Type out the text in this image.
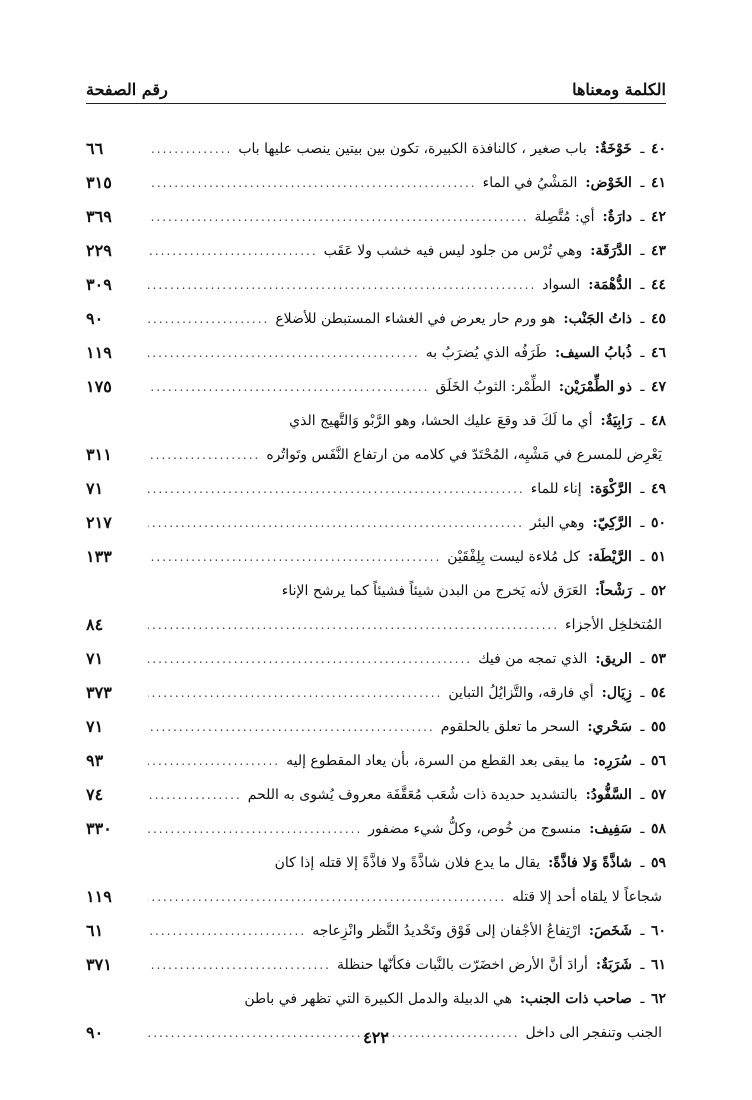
الكلمة ومعناها
رقم الصفحة
٤٠
ـ
خَوْخَةٌ:
باب صغير ، كالنافذة الكبيرة، تكون بين بيتين ينصب عليها باب
.....
٦٦
٤١
ـ
الخَوْض:
المَشْيُ في الماء
.....
٣١٥
٤٢
ـ
دارَةٌ:
أي: مُتَّصِلة
.....
٣٦٩
٤٣
ـ
الدَّرَقَة:
وهي تُرْس من جلود ليس فيه خشب ولا عَقَب
.....
٢٢٩
٤٤
ـ
الدُّهْمَة:
السواد
.....
٣٠٩
٤٥
ـ
ذاتُ الجَنْب:
هو ورم حار يعرض في الغشاء المستبطن للأضلاع
.....
٩٠
٤٦
ـ
ذُبابُ السيف:
طَرَفُه الذي يُضرَبُ به
.....
١١٩
٤٧
ـ
ذو الطِّمْرَيْن:
الطِّمْر: الثوبُ الخَلَق
.....
١٧٥
٤٨
ـ
رَابِيَةٌ:
أي ما لَكَ قد وقعَ عليك الحشا، وهو الرَّبْو وَالتَّهيج الذي
يَعْرِض للمسرع في مَشْيِه، المُحْتَدّ في كلامه من ارتفاع النَّفَس وتَواتُره
.....
٣١١
٤٩
ـ
الرَّكْوَة:
إناء للماء
.....
٧١
٥٠
ـ
الرَّكِيّ:
وهي البئر
.....
٢١٧
٥١
ـ
الرَّيْطَة:
كل مُلاءة ليست بِلِفْقَيْن
.....
١٣٣
٥٢
ـ
رَشْحاً:
العَرَق لأنه يَخرج من البدن شيئاً فشيئاً كما يرشح الإناء
المُتخلخِل الأجزاء
.....
٨٤
٥٣
ـ
الريق:
الذي تمجه من فيك
.....
٧١
٥٤
ـ
زِيَال:
أي فارقه، والتَّزايُلُ التباين
.....
٣٧٣
٥٥
ـ
سَحْري:
السحر ما تعلق بالحلقوم
.....
٧١
٥٦
ـ
سُرَرِه:
ما يبقى بعد القطع من السرة، بأن يعاد المقطوع إليه
.....
٩٣
٥٧
ـ
السَّفُّودُ:
بالتشديد حديدة ذات شُعَب مُعَقَّفَة معروف يُشوى به اللحم
.....
٧٤
٥٨
ـ
سَفِيف:
منسوج من خُوص، وكلُّ شيء مضفور
.....
٣٣٠
٥٩
ـ
شاذَّةً وَلا فاذَّةً:
يقال ما يدع فلان شاذَّةً ولا فاذَّةً إلا قتله إذا كان
شجاعاً لا يلقاه أحد إلا قتله
.....
١١٩
٦٠
ـ
شَخَصَ:
ارْتِفاعُ الأجْفان إلى فَوْق وتَحْديدُ النَّظر وانْزِعاجه
.....
٦١
٦١
ـ
شَرَبَةٌ:
أرادَ أنَّ الأرض اخضَرّت بالنَّبات فكأنّها حنظلة
.....
٣٧١
٦٢
ـ
صاحب ذات الجنب:
هي الدبيلة والدمل الكبيرة التي تظهر في باطن
الجنب وتنفجر الى داخل
.....
٩٠	٤٢٢
